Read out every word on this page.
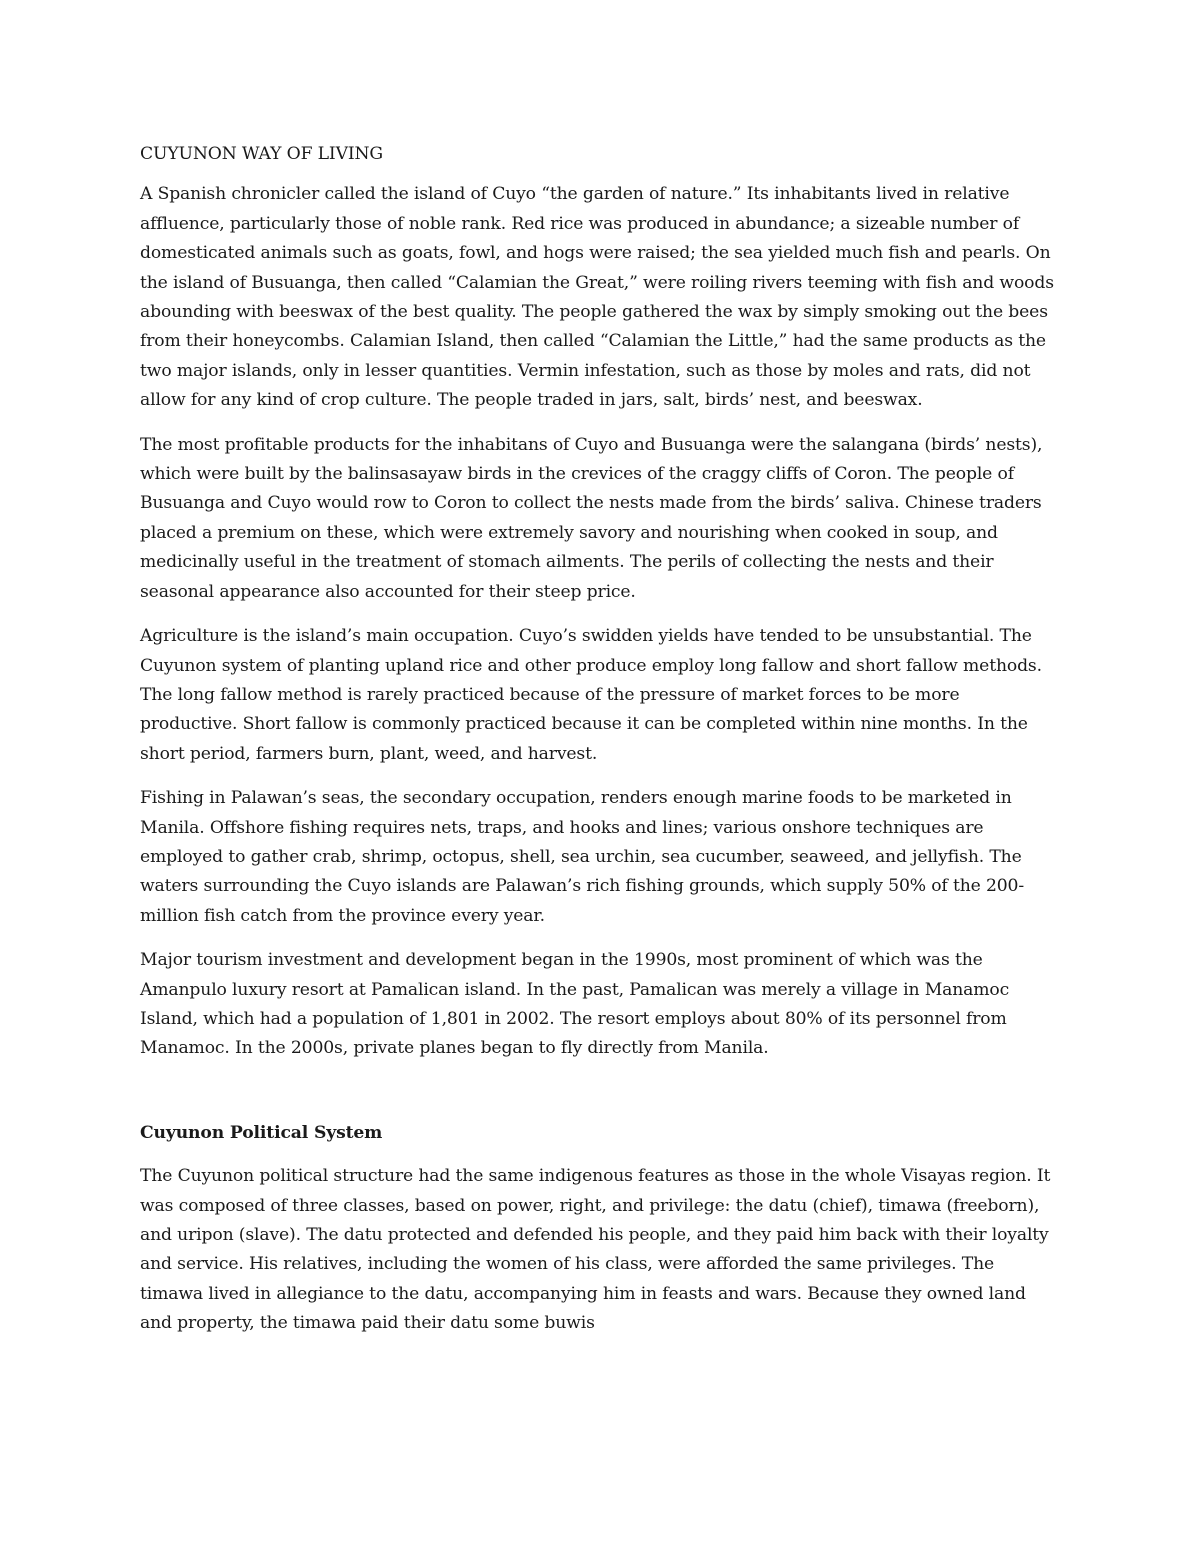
CUYUNON WAY OF LIVING

A Spanish chronicler called the island of Cuyo “the garden of nature.” Its inhabitants lived in relative affluence, particularly those of noble rank. Red rice was produced in abundance; a sizeable number of domesticated animals such as goats, fowl, and hogs were raised; the sea yielded much fish and pearls. On the island of Busuanga, then called “Calamian the Great,” were roiling rivers teeming with fish and woods abounding with beeswax of the best quality. The people gathered the wax by simply smoking out the bees from their honeycombs. Calamian Island, then called “Calamian the Little,” had the same products as the two major islands, only in lesser quantities. Vermin infestation, such as those by moles and rats, did not allow for any kind of crop culture. The people traded in jars, salt, birds’ nest, and beeswax.

The most profitable products for the inhabitans of Cuyo and Busuanga were the salangana (birds’ nests), which were built by the balinsasayaw birds in the crevices of the craggy cliffs of Coron. The people of Busuanga and Cuyo would row to Coron to collect the nests made from the birds’ saliva. Chinese traders placed a premium on these, which were extremely savory and nourishing when cooked in soup, and medicinally useful in the treatment of stomach ailments. The perils of collecting the nests and their seasonal appearance also accounted for their steep price.

Agriculture is the island’s main occupation. Cuyo’s swidden yields have tended to be unsubstantial. The Cuyunon system of planting upland rice and other produce employ long fallow and short fallow methods. The long fallow method is rarely practiced because of the pressure of market forces to be more productive. Short fallow is commonly practiced because it can be completed within nine months. In the short period, farmers burn, plant, weed, and harvest.

Fishing in Palawan’s seas, the secondary occupation, renders enough marine foods to be marketed in Manila. Offshore fishing requires nets, traps, and hooks and lines; various onshore techniques are employed to gather crab, shrimp, octopus, shell, sea urchin, sea cucumber, seaweed, and jellyfish. The waters surrounding the Cuyo islands are Palawan’s rich fishing grounds, which supply 50% of the 200-million fish catch from the province every year.

Major tourism investment and development began in the 1990s, most prominent of which was the Amanpulo luxury resort at Pamalican island. In the past, Pamalican was merely a village in Manamoc Island, which had a population of 1,801 in 2002. The resort employs about 80% of its personnel from Manamoc. In the 2000s, private planes began to fly directly from Manila.

Cuyunon Political System

The Cuyunon political structure had the same indigenous features as those in the whole Visayas region. It was composed of three classes, based on power, right, and privilege: the datu (chief), timawa (freeborn), and uripon (slave). The datu protected and defended his people, and they paid him back with their loyalty and service. His relatives, including the women of his class, were afforded the same privileges. The timawa lived in allegiance to the datu, accompanying him in feasts and wars. Because they owned land and property, the timawa paid their datu some buwis
